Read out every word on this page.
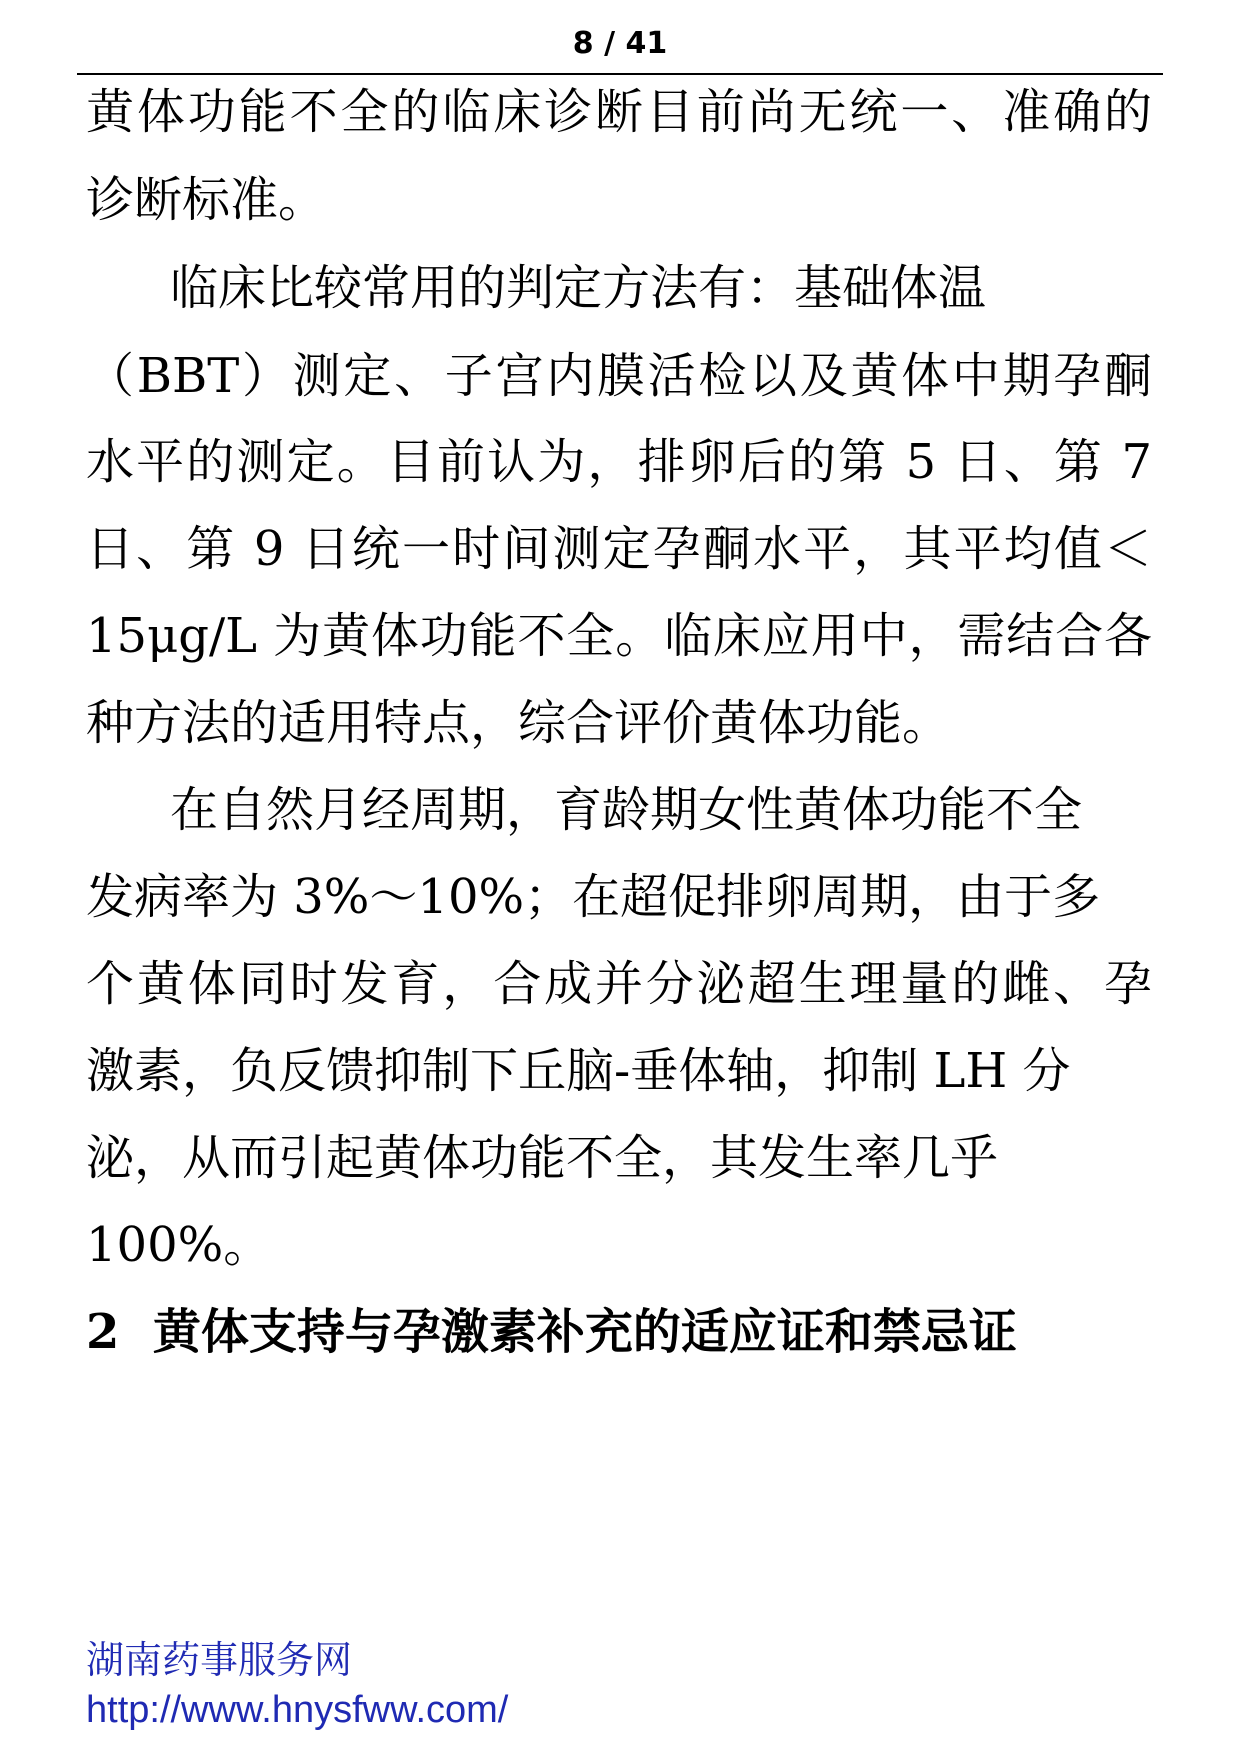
8 / 41
黄体功能不全的临床诊断目前尚无统一、准确的
诊断标准。
临床比较常用的判定方法有：基础体温
（BBT）测定、子宫内膜活检以及黄体中期孕酮
水平的测定。目前认为，排卵后的第 5 日、第 7
日、第 9 日统一时间测定孕酮水平，其平均值＜
15μg/L 为黄体功能不全。临床应用中，需结合各
种方法的适用特点，综合评价黄体功能。
在自然月经周期，育龄期女性黄体功能不全
发病率为 3%～10%；在超促排卵周期，由于多
个黄体同时发育，合成并分泌超生理量的雌、孕
激素，负反馈抑制下丘脑-垂体轴，抑制 LH 分
泌，从而引起黄体功能不全，其发生率几乎
100%。
2  黄体支持与孕激素补充的适应证和禁忌证
湖南药事服务网
http://www.hnysfww.com/
